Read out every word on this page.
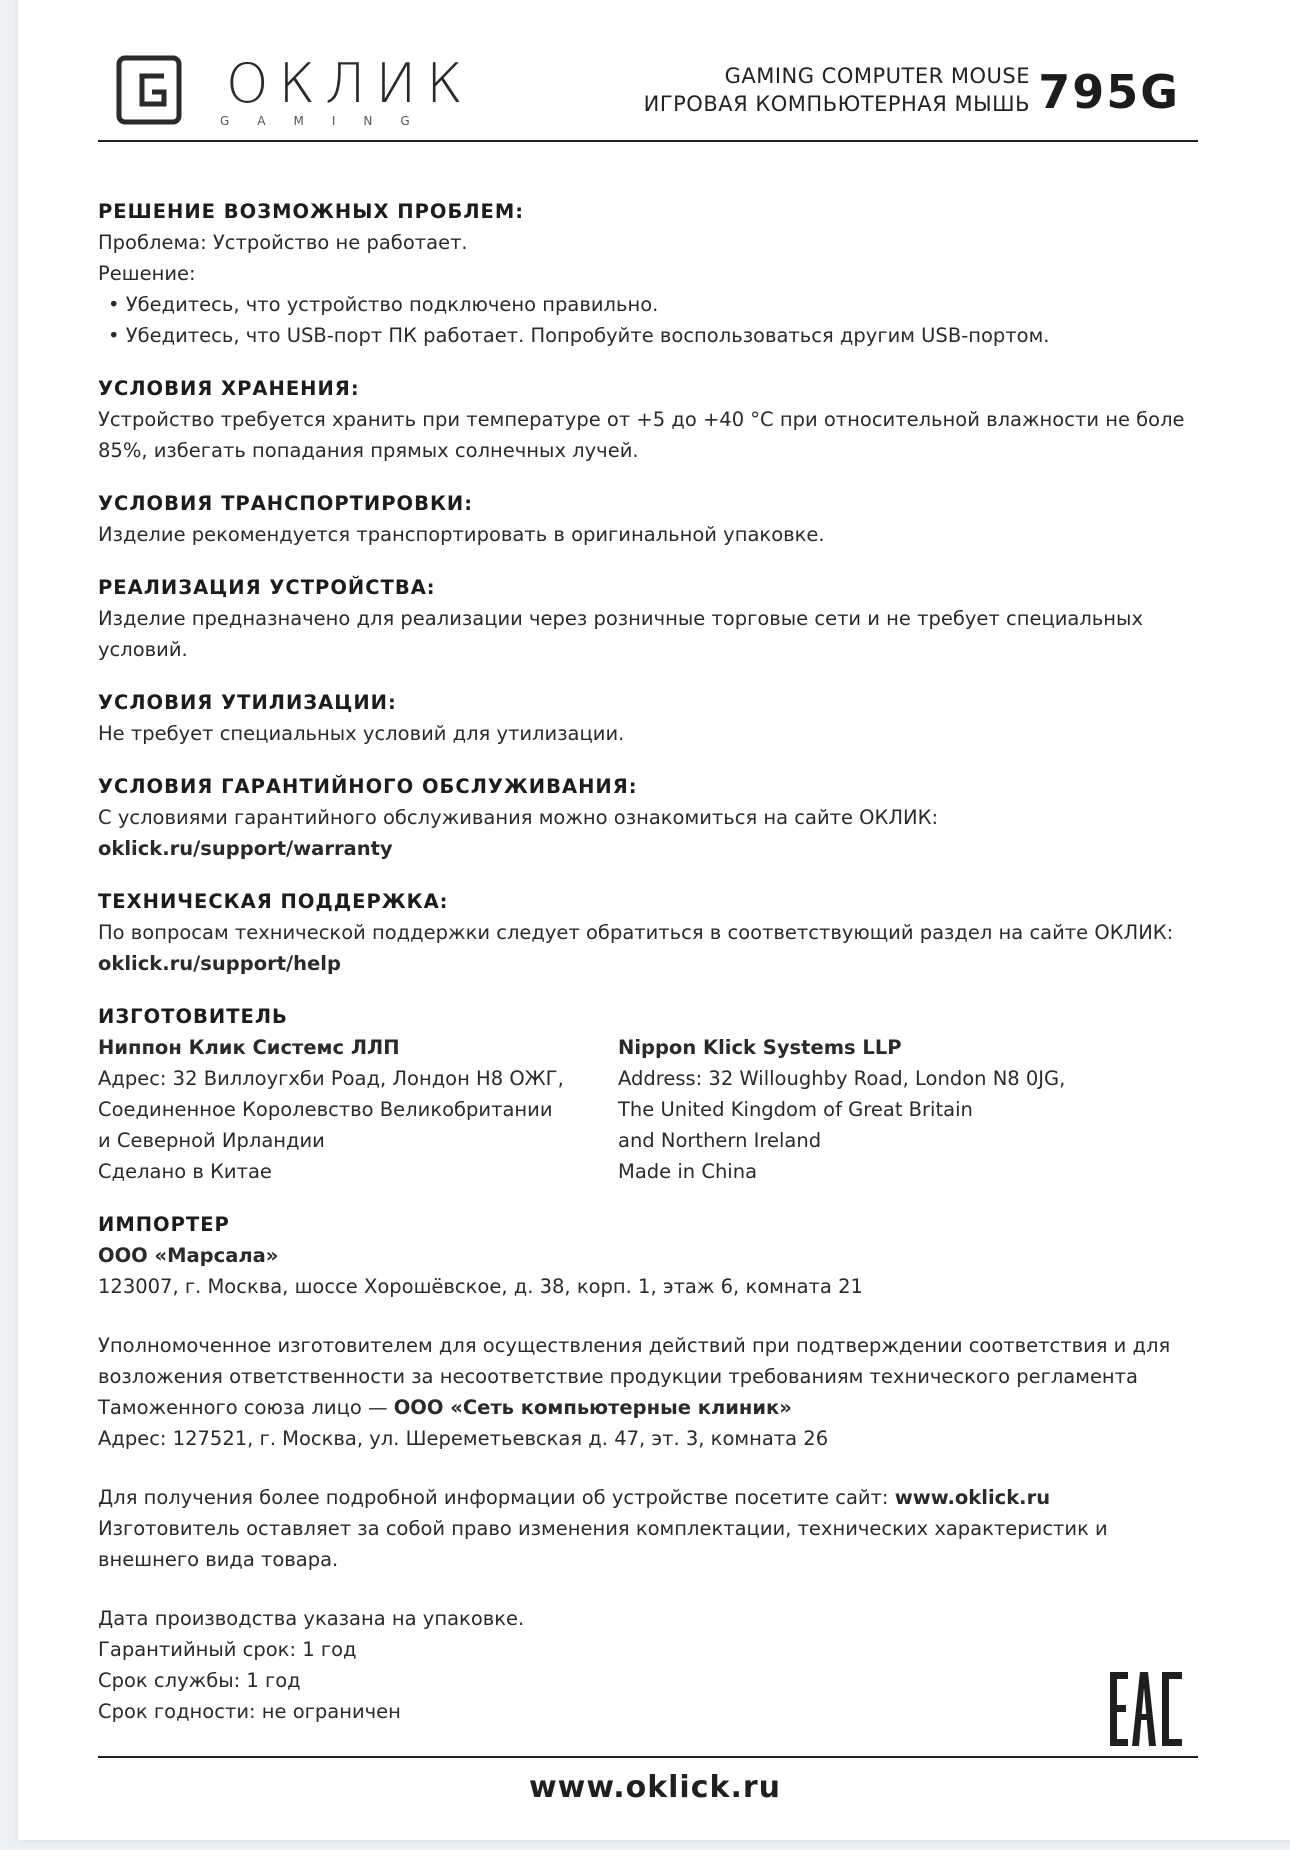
ОКЛИК
GAMING
GAMING COMPUTER MOUSE
ИГРОВАЯ КОМПЬЮТЕРНАЯ МЫШЬ 795G
РЕШЕНИЕ ВОЗМОЖНЫХ ПРОБЛЕМ:
Проблема: Устройство не работает.
Решение:
• Убедитесь, что устройство подключено правильно.
• Убедитесь, что USB-порт ПК работает. Попробуйте воспользоваться другим USB-портом.
УСЛОВИЯ ХРАНЕНИЯ:
Устройство требуется хранить при температуре от +5 до +40 °С при относительной влажности не боле
85%, избегать попадания прямых солнечных лучей.
УСЛОВИЯ ТРАНСПОРТИРОВКИ:
Изделие рекомендуется транспортировать в оригинальной упаковке.
РЕАЛИЗАЦИЯ УСТРОЙСТВА:
Изделие предназначено для реализации через розничные торговые сети и не требует специальных условий.
УСЛОВИЯ УТИЛИЗАЦИИ:
Не требует специальных условий для утилизации.
УСЛОВИЯ ГАРАНТИЙНОГО ОБСЛУЖИВАНИЯ:
С условиями гарантийного обслуживания можно ознакомиться на сайте ОКЛИК: oklick.ru/support/warranty
ТЕХНИЧЕСКАЯ ПОДДЕРЖКА:
По вопросам технической поддержки следует обратиться в соответствующий раздел на сайте ОКЛИК:
oklick.ru/support/help
ИЗГОТОВИТЕЛЬ
Ниппон Клик Системс ЛЛП
Адрес: 32 Виллоугхби Роад, Лондон Н8 ОЖГ,
Соединенное Королевство Великобритании
и Северной Ирландии
Сделано в Китае
Nippon Klick Systems LLP
Address: 32 Willoughby Road, London N8 0JG,
The United Kingdom of Great Britain
and Northern Ireland
Made in China
ИМПОРТЕР
ООО «Марсала»
123007, г. Москва, шоссе Хорошёвское, д. 38, корп. 1, этаж 6, комната 21
Уполномоченное изготовителем для осуществления действий при подтверждении соответствия и для
возложения ответственности за несоответствие продукции требованиям технического регламента
Таможенного союза лицо — ООО «Сеть компьютерные клиник»
Адрес: 127521, г. Москва, ул. Шереметьевская д. 47, эт. 3, комната 26
Для получения более подробной информации об устройстве посетите сайт: www.oklick.ru
Изготовитель оставляет за собой право изменения комплектации, технических характеристик и
внешнего вида товара.
Дата производства указана на упаковке.
Гарантийный срок: 1 год
Срок службы: 1 год
Срок годности: не ограничен
www.oklick.ru
